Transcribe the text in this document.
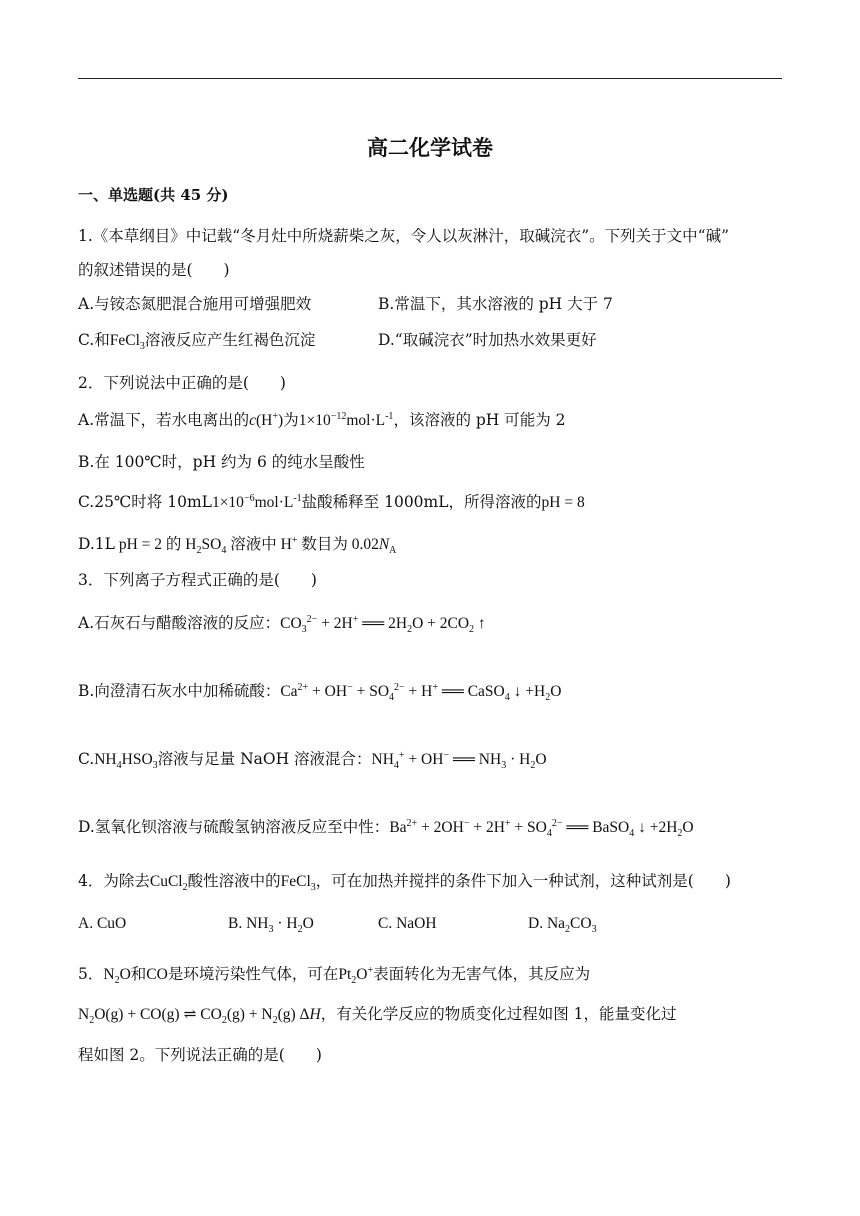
高二化学试卷
一、单选题(共 45 分)
1.《本草纲目》中记载“冬月灶中所烧薪柴之灰，令人以灰淋汁，取碱浣衣”。下列关于文中“碱”
的叙述错误的是(　　)
A.与铵态氮肥混合施用可增强肥效	B.常温下，其水溶液的 pH 大于 7
C.和FeCl$_3$溶液反应产生红褐色沉淀	D.“取碱浣衣”时加热水效果更好
2．下列说法中正确的是(　　)
A.常温下，若水电离出的c(H+)为$1\times 10^{-12}mol\cdot L^{-1}$，该溶液的 pH 可能为 2
B.在 100℃时，pH 约为 6 的纯水呈酸性
C.25℃时将 $10mL1\times 10^{-6}mol\cdot L^{-1}$盐酸稀释至 1000mL，所得溶液的pH = 8
D.1L pH = 2 的 $H_2SO_4$ 溶液中 H+ 数目为 $0.02N_A$
3．下列离子方程式正确的是(　　)
A.石灰石与醋酸溶液的反应：$CO_3^{2-} + 2H^+$ ══ $2H_2O + 2CO_2$ ↑
B.向澄清石灰水中加稀硫酸：$Ca^{2+} + OH^- + SO_4^{2-} + H^+$ ══ CaSO$_4$ ↓ $+H_2O$
$C.NH_4HSO_3$溶液与足量 NaOH 溶液混合：$NH_4^+ + OH^-$ ══ $NH_3 \cdot H_2O$
D.氢氧化钡溶液与硫酸氢钠溶液反应至中性：$Ba^{2+} + 2OH^- + 2H^+ + SO_4^{2-}$ ══ BaSO$_4$ ↓ $+2H_2O$
4．为除去CuCl$_2$酸性溶液中的FeCl$_3$，可在加热并搅拌的条件下加入一种试剂，这种试剂是(　　)
A. CuO	B. $NH_3 \cdot H_2O$	C. NaOH	D. $Na_2CO_3$
5．$N_2O$和CO是环境污染性气体，可在$Pt_2O^+$表面转化为无害气体，其反应为
$N_2O(g) + CO(g)$ ⇌ $CO_2(g) + N_2(g)$ ΔH，有关化学反应的物质变化过程如图 1，能量变化过
程如图 2。下列说法正确的是(　　)
